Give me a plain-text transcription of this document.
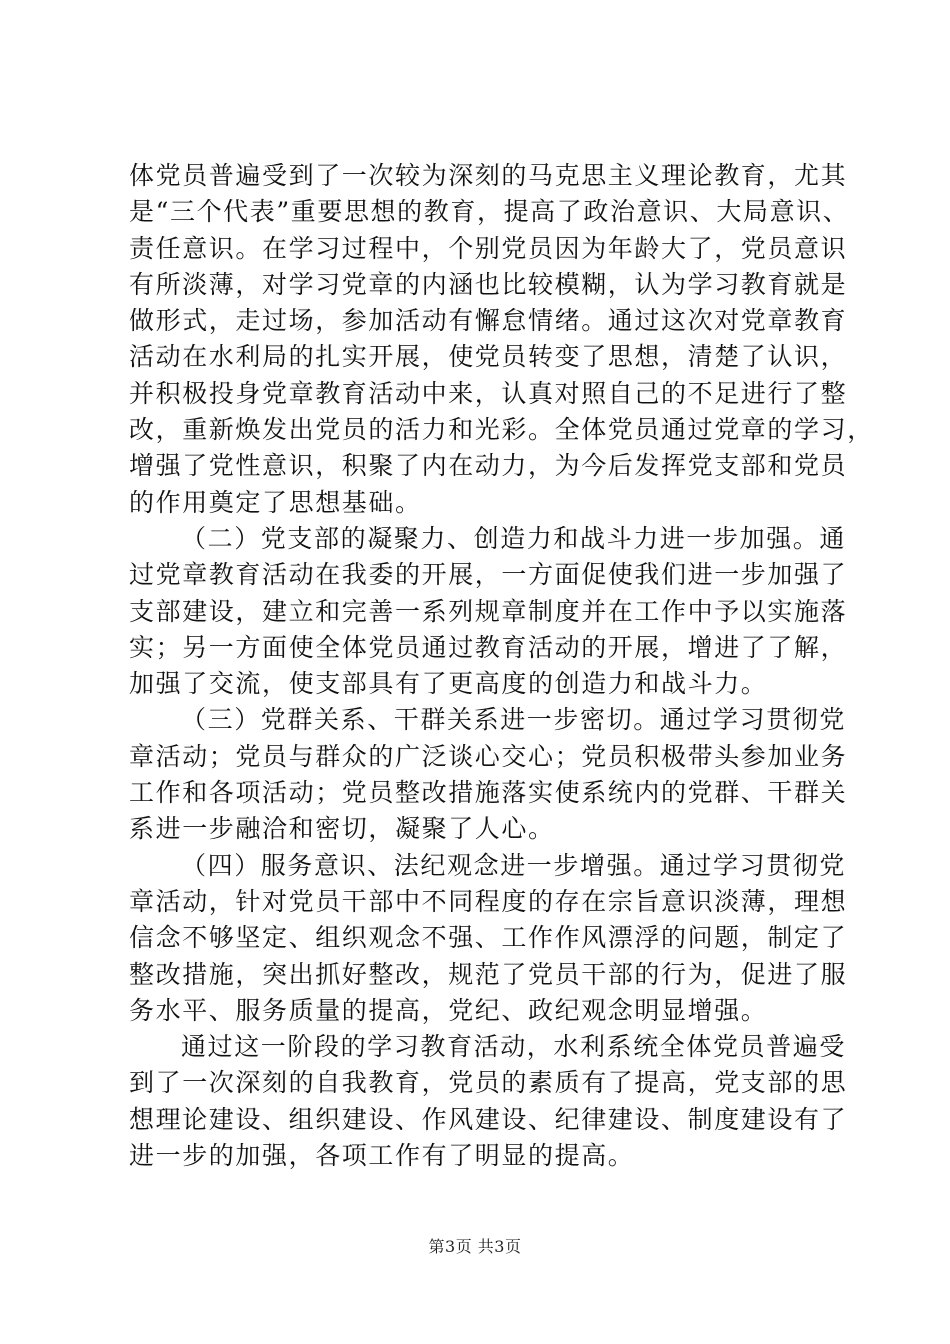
体党员普遍受到了一次较为深刻的马克思主义理论教育，尤其
是“三个代表”重要思想的教育，提高了政治意识、大局意识、
责任意识。在学习过程中，个别党员因为年龄大了，党员意识
有所淡薄，对学习党章的内涵也比较模糊，认为学习教育就是
做形式，走过场，参加活动有懈怠情绪。通过这次对党章教育
活动在水利局的扎实开展，使党员转变了思想，清楚了认识，
并积极投身党章教育活动中来，认真对照自己的不足进行了整
改，重新焕发出党员的活力和光彩。全体党员通过党章的学习，
增强了党性意识，积聚了内在动力，为今后发挥党支部和党员
的作用奠定了思想基础。
（二）党支部的凝聚力、创造力和战斗力进一步加强。通
过党章教育活动在我委的开展，一方面促使我们进一步加强了
支部建设，建立和完善一系列规章制度并在工作中予以实施落
实；另一方面使全体党员通过教育活动的开展，增进了了解，
加强了交流，使支部具有了更高度的创造力和战斗力。
（三）党群关系、干群关系进一步密切。通过学习贯彻党
章活动；党员与群众的广泛谈心交心；党员积极带头参加业务
工作和各项活动；党员整改措施落实使系统内的党群、干群关
系进一步融洽和密切，凝聚了人心。
（四）服务意识、法纪观念进一步增强。通过学习贯彻党
章活动，针对党员干部中不同程度的存在宗旨意识淡薄，理想
信念不够坚定、组织观念不强、工作作风漂浮的问题，制定了
整改措施，突出抓好整改，规范了党员干部的行为，促进了服
务水平、服务质量的提高，党纪、政纪观念明显增强。
通过这一阶段的学习教育活动，水利系统全体党员普遍受
到了一次深刻的自我教育，党员的素质有了提高，党支部的思
想理论建设、组织建设、作风建设、纪律建设、制度建设有了
进一步的加强，各项工作有了明显的提高。
第3页 共3页
